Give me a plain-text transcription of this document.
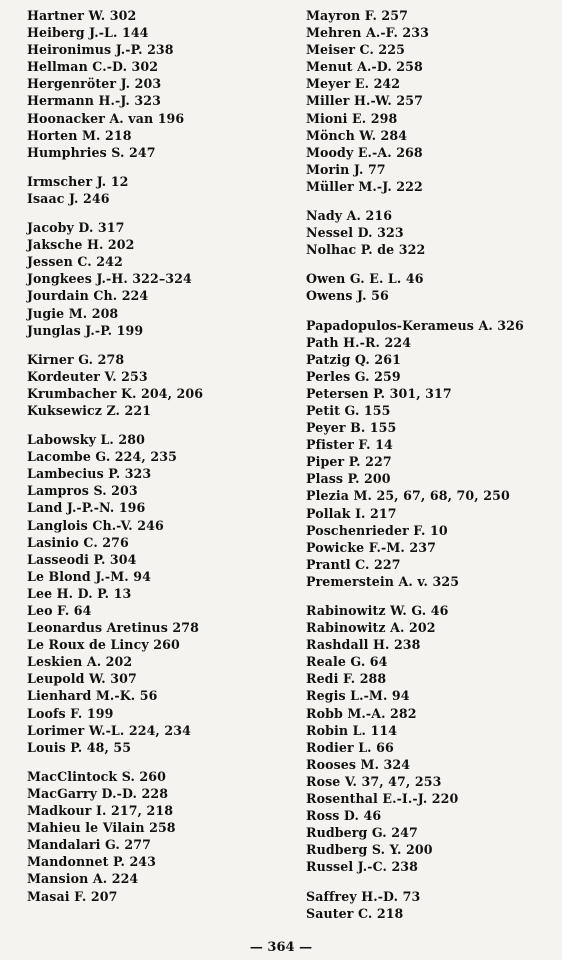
Hartner W. 302
Heiberg J.-L. 144
Heironimus J.-P. 238
Hellman C.-D. 302
Hergenröter J. 203
Hermann H.-J. 323
Hoonacker A. van 196
Horten M. 218
Humphries S. 247
Irmscher J. 12
Isaac J. 246
Jacoby D. 317
Jaksche H. 202
Jessen C. 242
Jongkees J.-H. 322–324
Jourdain Ch. 224
Jugie M. 208
Junglas J.-P. 199
Kirner G. 278
Kordeuter V. 253
Krumbacher K. 204, 206
Kuksewicz Z. 221
Labowsky L. 280
Lacombe G. 224, 235
Lambecius P. 323
Lampros S. 203
Land J.-P.-N. 196
Langlois Ch.-V. 246
Lasinio C. 276
Lasseodi P. 304
Le Blond J.-M. 94
Lee H. D. P. 13
Leo F. 64
Leonardus Aretinus 278
Le Roux de Lincy 260
Leskien A. 202
Leupold W. 307
Lienhard M.-K. 56
Loofs F. 199
Lorimer W.-L. 224, 234
Louis P. 48, 55
MacClintock S. 260
MacGarry D.-D. 228
Madkour I. 217, 218
Mahieu le Vilain 258
Mandalari G. 277
Mandonnet P. 243
Mansion A. 224
Masai F. 207
Mayron F. 257
Mehren A.-F. 233
Meiser C. 225
Menut A.-D. 258
Meyer E. 242
Miller H.-W. 257
Mioni E. 298
Mönch W. 284
Moody E.-A. 268
Morin J. 77
Müller M.-J. 222
Nady A. 216
Nessel D. 323
Nolhac P. de 322
Owen G. E. L. 46
Owens J. 56
Papadopulos-Kerameus A. 326
Path H.-R. 224
Patzig Q. 261
Perles G. 259
Petersen P. 301, 317
Petit G. 155
Peyer B. 155
Pfister F. 14
Piper P. 227
Plass P. 200
Plezia M. 25, 67, 68, 70, 250
Pollak I. 217
Poschenrieder F. 10
Powicke F.-M. 237
Prantl C. 227
Premerstein A. v. 325
Rabinowitz W. G. 46
Rabinowitz A. 202
Rashdall H. 238
Reale G. 64
Redi F. 288
Regis L.-M. 94
Robb M.-A. 282
Robin L. 114
Rodier L. 66
Rooses M. 324
Rose V. 37, 47, 253
Rosenthal E.-I.-J. 220
Ross D. 46
Rudberg G. 247
Rudberg S. Y. 200
Russel J.-C. 238
Saffrey H.-D. 73
Sauter C. 218
— 364 —
